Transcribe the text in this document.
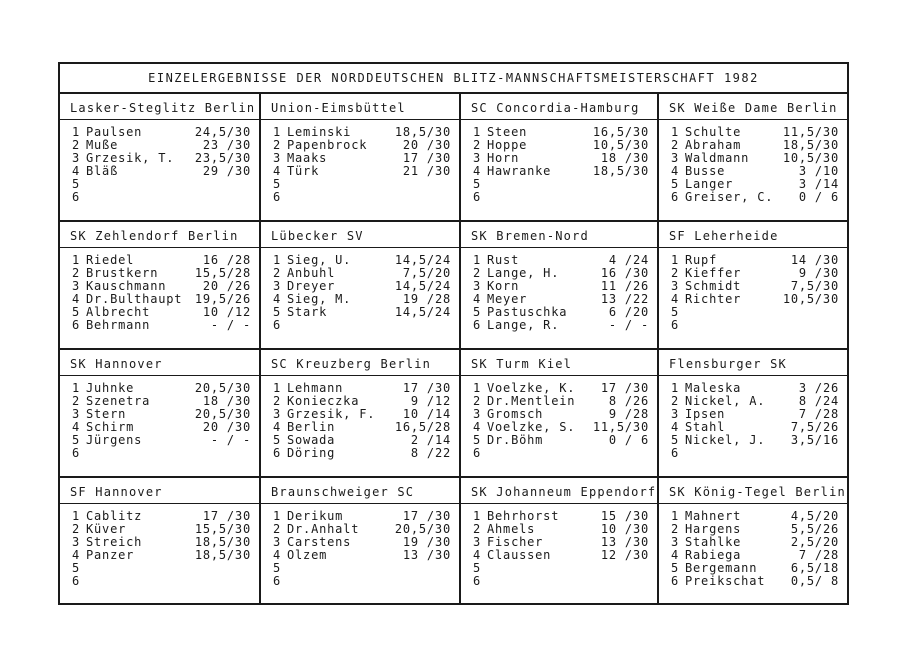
EINZELERGEBNISSE DER NORDDEUTSCHEN BLITZ-MANNSCHAFTSMEISTERSCHAFT 1982
Lasker-Steglitz Berlin
1 Paulsen	24,5/30
2 Muße	23 /30
3 Grzesik, T.	23,5/30
4 Bläß	29 /30
5
6
Union-Eimsbüttel
1 Leminski	18,5/30
2 Papenbrock	20 /30
3 Maaks	17 /30
4 Türk	21 /30
5
6
SC Concordia-Hamburg
1 Steen	16,5/30
2 Hoppe	10,5/30
3 Horn	18 /30
4 Hawranke	18,5/30
5
6
SK Weiße Dame Berlin
1 Schulte	11,5/30
2 Abraham	18,5/30
3 Waldmann	10,5/30
4 Busse	3 /10
5 Langer	3 /14
6 Greiser, C.	0 / 6
SK Zehlendorf Berlin
1 Riedel	16 /28
2 Brustkern	15,5/28
3 Kauschmann	20 /26
4 Dr.Bulthaupt	19,5/26
5 Albrecht	10 /12
6 Behrmann	- / -
Lübecker SV
1 Sieg, U.	14,5/24
2 Anbuhl	7,5/20
3 Dreyer	14,5/24
4 Sieg, M.	19 /28
5 Stark	14,5/24
6
SK Bremen-Nord
1 Rust	4 /24
2 Lange, H.	16 /30
3 Korn	11 /26
4 Meyer	13 /22
5 Pastuschka	6 /20
6 Lange, R.	- / -
SF Leherheide
1 Rupf	14 /30
2 Kieffer	9 /30
3 Schmidt	7,5/30
4 Richter	10,5/30
5
6
SK Hannover
1 Juhnke	20,5/30
2 Szenetra	18 /30
3 Stern	20,5/30
4 Schirm	20 /30
5 Jürgens	- / -
6
SC Kreuzberg Berlin
1 Lehmann	17 /30
2 Konieczka	9 /12
3 Grzesik, F.	10 /14
4 Berlin	16,5/28
5 Sowada	2 /14
6 Döring	8 /22
SK Turm Kiel
1 Voelzke, K.	17 /30
2 Dr.Mentlein	8 /26
3 Gromsch	9 /28
4 Voelzke, S.	11,5/30
5 Dr.Böhm	0 / 6
6
Flensburger SK
1 Maleska	3 /26
2 Nickel, A.	8 /24
3 Ipsen	7 /28
4 Stahl	7,5/26
5 Nickel, J.	3,5/16
6
SF Hannover
1 Cablitz	17 /30
2 Küver	15,5/30
3 Streich	18,5/30
4 Panzer	18,5/30
5
6
Braunschweiger SC
1 Derikum	17 /30
2 Dr.Anhalt	20,5/30
3 Carstens	19 /30
4 Olzem	13 /30
5
6
SK Johanneum Eppendorf
1 Behrhorst	15 /30
2 Ahmels	10 /30
3 Fischer	13 /30
4 Claussen	12 /30
5
6
SK König-Tegel Berlin
1 Mahnert	4,5/20
2 Hargens	5,5/26
3 Stahlke	2,5/20
4 Rabiega	7 /28
5 Bergemann	6,5/18
6 Preikschat	0,5/ 8
